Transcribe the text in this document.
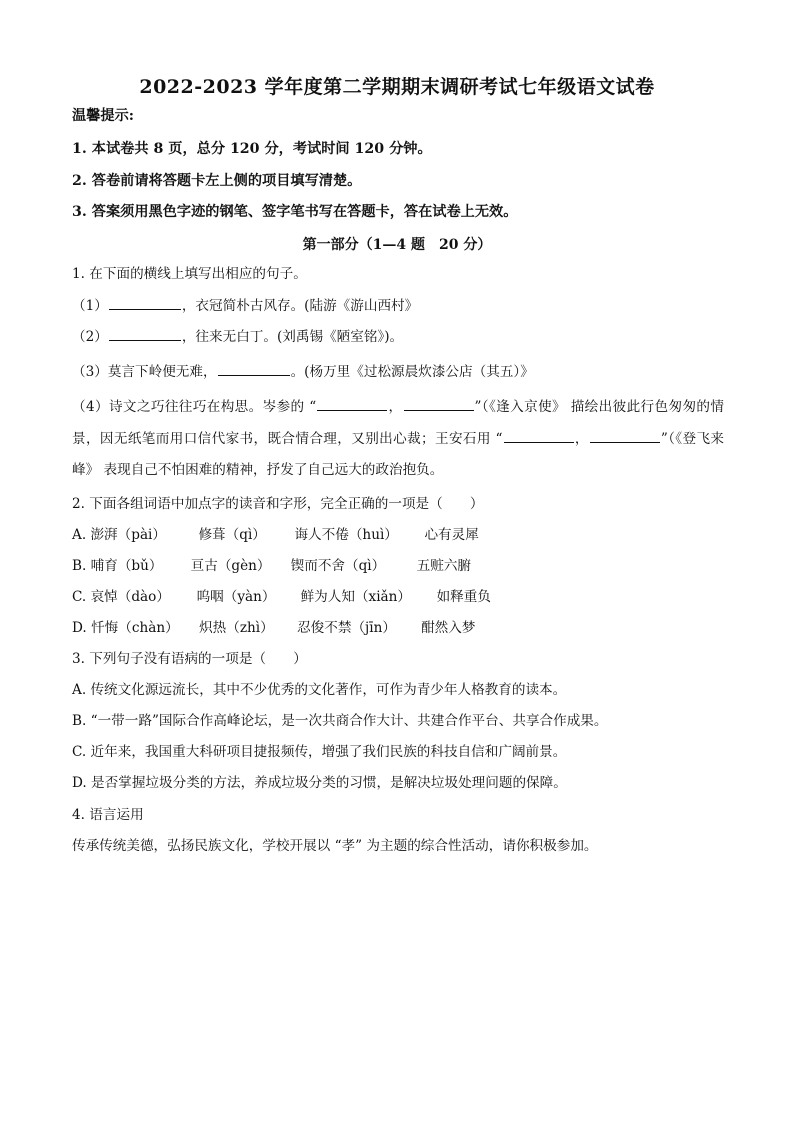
2022-2023 学年度第二学期期末调研考试七年级语文试卷
温馨提示:
1. 本试卷共 8 页，总分 120 分，考试时间 120 分钟。
2. 答卷前请将答题卡左上侧的项目填写清楚。
3. 答案须用黑色字迹的钢笔、签字笔书写在答题卡，答在试卷上无效。
第一部分（1—4 题　20 分）
1. 在下面的横线上填写出相应的句子。
（1）	，衣冠简朴古风存。(陆游《游山西村》
（2）	，往来无白丁。(刘禹锡《陋室铭》)。
（3）莫言下岭便无难，	。(杨万里《过松源晨炊漆公店（其五）》
（4）诗文之巧往往巧在构思。岑参的 “	，	”（《逢入京使》 描绘出彼此行色匆匆的情景，因无纸笔而用口信代家书，既合情合理，又别出心裁；王安石用 “	，	”（《登飞来峰》 表现自己不怕困难的精神，抒发了自己远大的政治抱负。
2. 下面各组词语中加点字的读音和字形，完全正确的一项是（　　）
A. 澎湃（pài） 修葺（qì） 诲人不倦（huì） 心有灵犀
B. 哺育（bǔ） 亘古（gèn） 锲而不舍（qì） 五赃六腑
C. 哀悼（dào） 呜咽（yàn） 鲜为人知（xiǎn） 如释重负
D. 忏悔（chàn） 炽热（zhì） 忍俊不禁（jīn） 酣然入梦
3. 下列句子没有语病的一项是（　　）
A. 传统文化源远流长，其中不少优秀的文化著作，可作为青少年人格教育的读本。
B. “一带一路”国际合作高峰论坛，是一次共商合作大计、共建合作平台、共享合作成果。
C. 近年来，我国重大科研项目捷报频传，增强了我们民族的科技自信和广阔前景。
D. 是否掌握垃圾分类的方法，养成垃圾分类的习惯，是解决垃圾处理问题的保障。
4. 语言运用
传承传统美德，弘扬民族文化，学校开展以 “孝” 为主题的综合性活动，请你积极参加。
